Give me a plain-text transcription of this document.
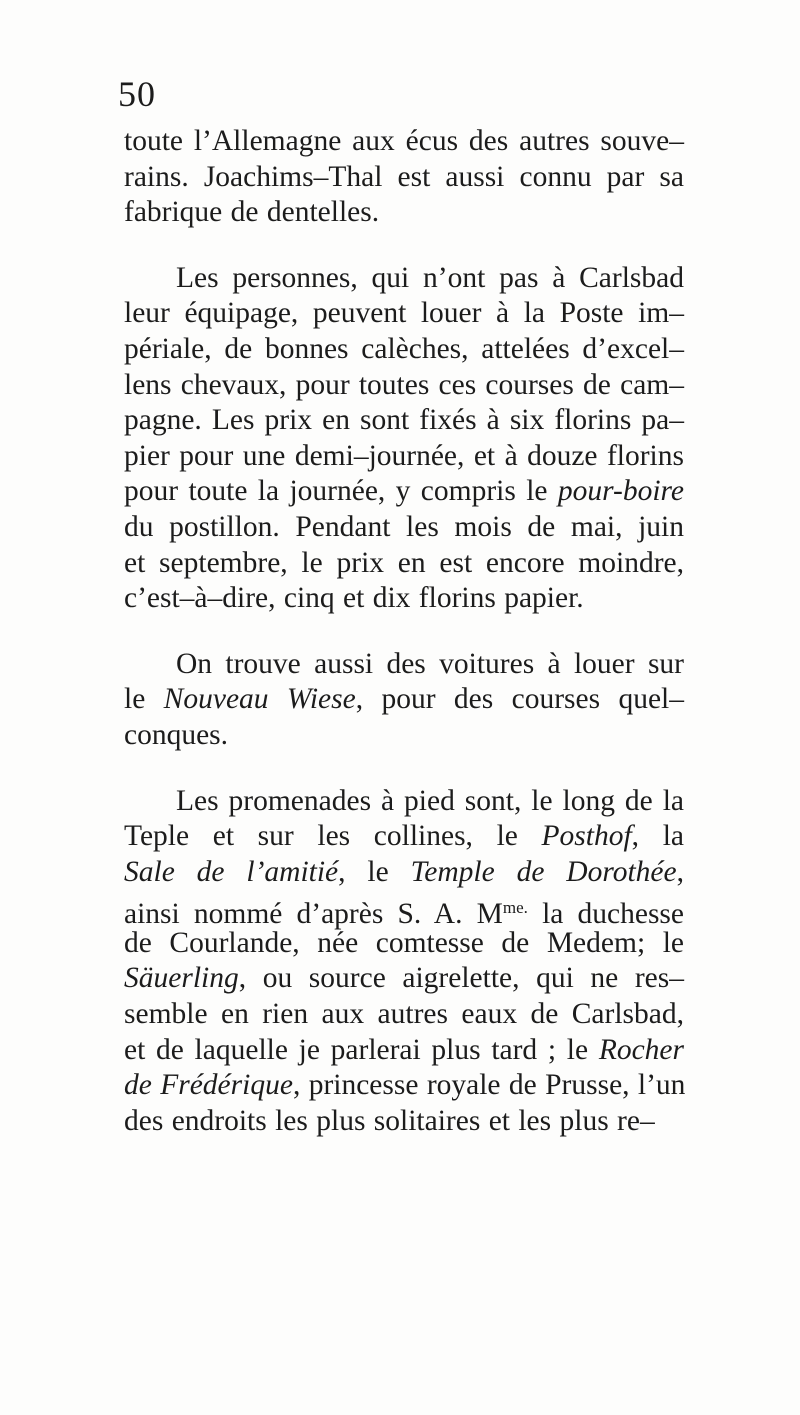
50
toute l’Allemagne aux écus des autres souve–
rains. Joachims–Thal est aussi connu par sa
fabrique de dentelles.
Les personnes, qui n’ont pas à Carlsbad
leur équipage, peuvent louer à la Poste im–
périale, de bonnes calèches, attelées d’excel–
lens chevaux, pour toutes ces courses de cam–
pagne. Les prix en sont fixés à six florins pa–
pier pour une demi–journée, et à douze florins
pour toute la journée, y compris le pour-boire
du postillon. Pendant les mois de mai, juin
et septembre, le prix en est encore moindre,
c’est–à–dire, cinq et dix florins papier.
On trouve aussi des voitures à louer sur
le Nouveau Wiese, pour des courses quel–
conques.
Les promenades à pied sont, le long de la
Teple et sur les collines, le Posthof, la
Sale de l’amitié, le Temple de Dorothée,
ainsi nommé d’après S. A. $M^{me.}$ la duchesse
de Courlande, née comtesse de Medem; le
Säuerling, ou source aigrelette, qui ne res–
semble en rien aux autres eaux de Carlsbad,
et de laquelle je parlerai plus tard ; le Rocher
de Frédérique, princesse royale de Prusse, l’un
des endroits les plus solitaires et les plus re–
